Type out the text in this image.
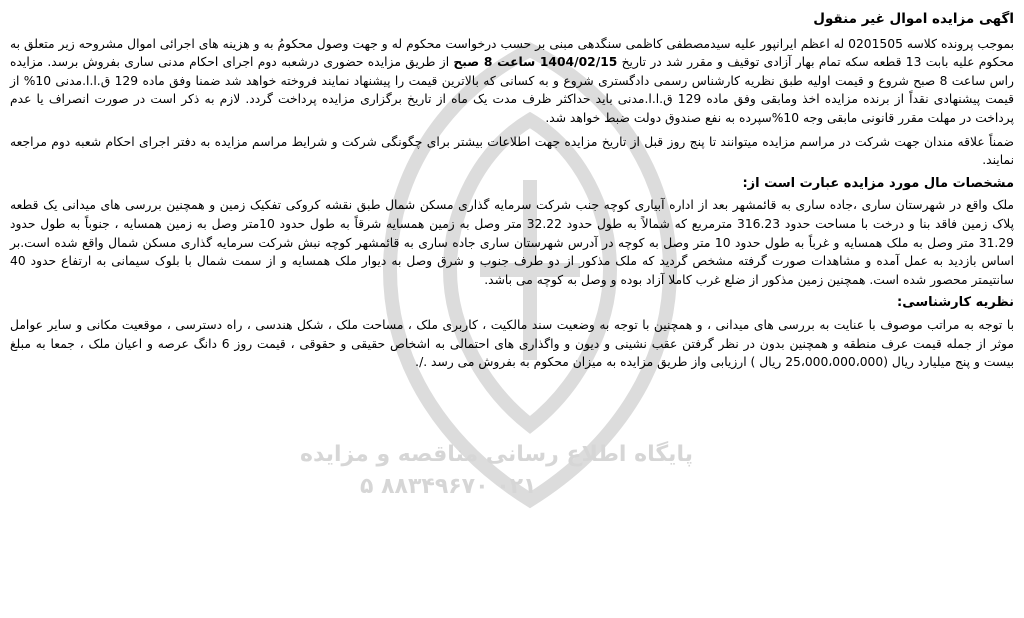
پایگاه اطلاع رسانی مناقصه و مزایده
۰۲۱ ۸۸۳۴۹۶۷۰ ۵

اگهی مزایده اموال غیر منقول

بموجب پرونده کلاسه 0201505 له اعظم ایرانپور علیه سیدمصطفی کاظمی سنگدهی مبنی بر حسب درخواست محکوم له و جهت وصول محکومُ به و هزینه های اجرائی اموال مشروحه زیر متعلق به محکوم علیه بابت 13 قطعه سکه تمام بهار آزادی توقیف و مقرر شد در تاریخ 1404/02/15 ساعت 8 صبح از طریق مزایده حضوری درشعبه دوم اجرای احکام مدنی ساری بفروش برسد. مزایده راس ساعت 8 صبح شروع و قیمت اولیه طبق نظریه کارشناس رسمی دادگستری شروع و به کسانی که بالاترین قیمت را پیشنهاد نمایند فروخته خواهد شد ضمنا وفق ماده 129 ق.ا.ا.مدنی 10% از قیمت پیشنهادی نقداً از برنده مزایده اخذ ومابقی وفق ماده 129 ق.ا.ا.مدنی باید حداکثر ظرف مدت یک ماه از تاریخ برگزاری مزایده پرداخت گردد. لازم به ذکر است در صورت انصراف یا عدم پرداخت در مهلت مقرر قانونی مابقی وجه 10%سپرده به نفع صندوق دولت ضبط خواهد شد.

ضمناً علاقه مندان جهت شرکت در مراسم مزایده میتوانند تا پنج روز قبل از تاریخ مزایده جهت اطلاعات بیشتر برای چگونگی شرکت و شرایط مراسم مزایده به دفتر اجرای احکام شعبه دوم مراجعه نمایند.

مشخصات مال مورد مزایده عبارت است از:

ملک واقع در شهرستان ساری ،جاده ساری به قائمشهر بعد از اداره آبیاری کوچه جنب شرکت سرمایه گذاری مسکن شمال طبق نقشه کروکی تفکیک زمین و همچنین بررسی های میدانی یک قطعه پلاک زمین فاقد بنا و درخت با مساحت حدود 316.23 مترمربع که شمالاً به طول حدود 32.22 متر وصل به زمین همسایه شرقاً به طول حدود 10متر وصل به زمین همسایه ، جنوباً به طول حدود 31.29 متر وصل به ملک همسایه و غرباً به طول حدود 10 متر وصل به کوچه در آدرس شهرستان ساری جاده ساری به قائمشهر کوچه نبش شرکت سرمایه گذاری مسکن شمال واقع شده است.بر اساس بازدید به عمل آمده و مشاهدات صورت گرفته مشخص گردید که ملک مذکور از دو طرف جنوب و شرق وصل به دیوار ملک همسایه و از سمت شمال با بلوک سیمانی به ارتفاع حدود 40 سانتیمتر محصور شده است. همچنین زمین مذکور از ضلع غرب کاملا آزاد بوده و وصل به کوچه می باشد.

نظریه کارشناسی:

با توجه به مراتب موصوف با عنایت به بررسی های میدانی ، و همچنین با توجه به وضعیت سند مالکیت ، کاربری ملک ، مساحت ملک ، شکل هندسی ، راه دسترسی ، موقعیت مکانی و سایر عوامل موثر از جمله قیمت عرف منطقه و همچنین بدون در نظر گرفتن عقب نشینی و دیون و واگذاری های احتمالی به اشخاص حقیقی و حقوقی ، قیمت روز 6 دانگ عرصه و اعیان ملک ، جمعا به مبلغ بیست و پنج میلیارد ریال (25،000،000،000 ریال ) ارزیابی واز طریق مزایده به میزان محکوم به بفروش می رسد ./.
